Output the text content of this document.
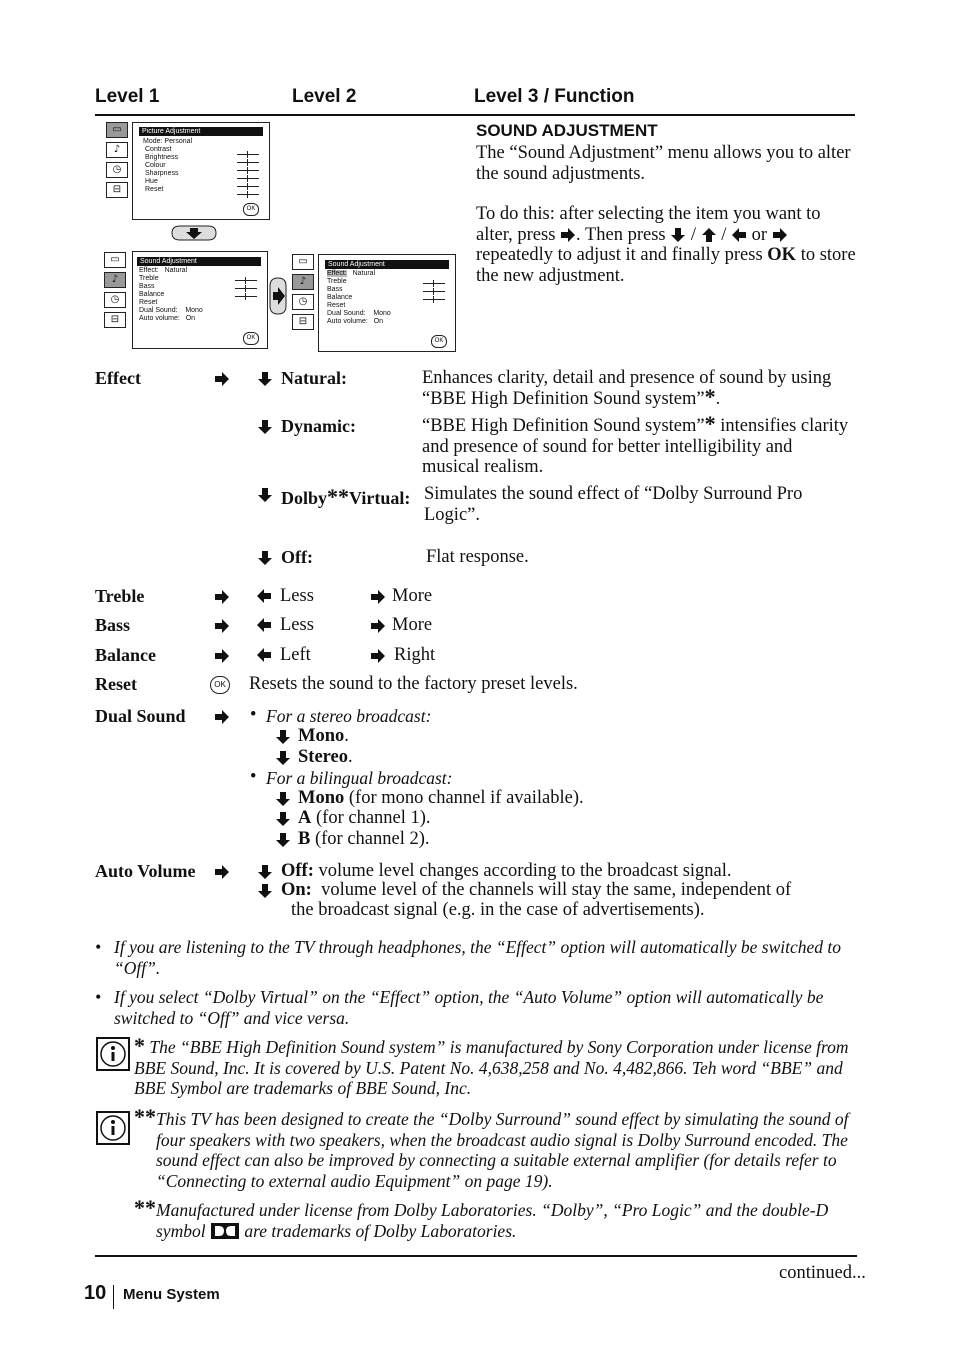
Level 1	Level 2	Level 3 / Function
▭
♪
◷
⊟
Picture Adjustment
Mode: Personal
Contrast
Brightness
Colour
Sharpness
Hue
Reset
OK
▭
♪
◷
⊟
Sound Adjustment
Effect: Natural
Treble
Bass
Balance
Reset
Dual Sound: Mono
Auto volume: On
OK
▭
♪
◷
⊟
Sound Adjustment
Effect: Natural
Treble
Bass
Balance
Reset
Dual Sound: Mono
Auto volume: On
OK
SOUND ADJUSTMENT
The “Sound Adjustment” menu allows you to alter the sound adjustments.
To do this: after selecting the item you want to alter, press . Then press / / or  repeatedly to adjust it and finally press OK to store the new adjustment.
Effect	Natural:	Enhances clarity, detail and presence of sound by using “BBE High Definition Sound system”*.
Dynamic:	“BBE High Definition Sound system”* intensifies clarity and presence of sound for better intelligibility and musical realism.
Dolby**Virtual: Simulates the sound effect of “Dolby Surround Pro Logic”.
Off:	Flat response.
Treble	Less	More
Bass	Less	More
Balance	Left	Right
Reset	OK Resets the sound to the factory preset levels.
Dual Sound	• For a stereo broadcast:
Mono.
Stereo.
• For a bilingual broadcast:
Mono (for mono channel if available).
A (for channel 1).
B (for channel 2).
Auto Volume	Off: volume level changes according to the broadcast signal.
On: volume level of the channels will stay the same, independent of
the broadcast signal (e.g. in the case of advertisements).
• If you are listening to the TV through headphones, the “Effect” option will automatically be switched to “Off”.
• If you select “Dolby Virtual” on the “Effect” option, the “Auto Volume” option will automatically be switched to “Off” and vice versa.
* The “BBE High Definition Sound system” is manufactured by Sony Corporation under license from BBE Sound, Inc. It is covered by U.S. Patent No. 4,638,258 and No. 4,482,866. Teh word “BBE” and BBE Symbol are trademarks of BBE Sound, Inc.
** This TV has been designed to create the “Dolby Surround” sound effect by simulating the sound of four speakers with two speakers, when the broadcast audio signal is Dolby Surround encoded. The sound effect can also be improved by connecting a suitable external amplifier (for details refer to “Connecting to external audio Equipment” on page 19).
** Manufactured under license from Dolby Laboratories. “Dolby”, “Pro Logic” and the double-D symbol are trademarks of Dolby Laboratories.
continued...
10 Menu System
